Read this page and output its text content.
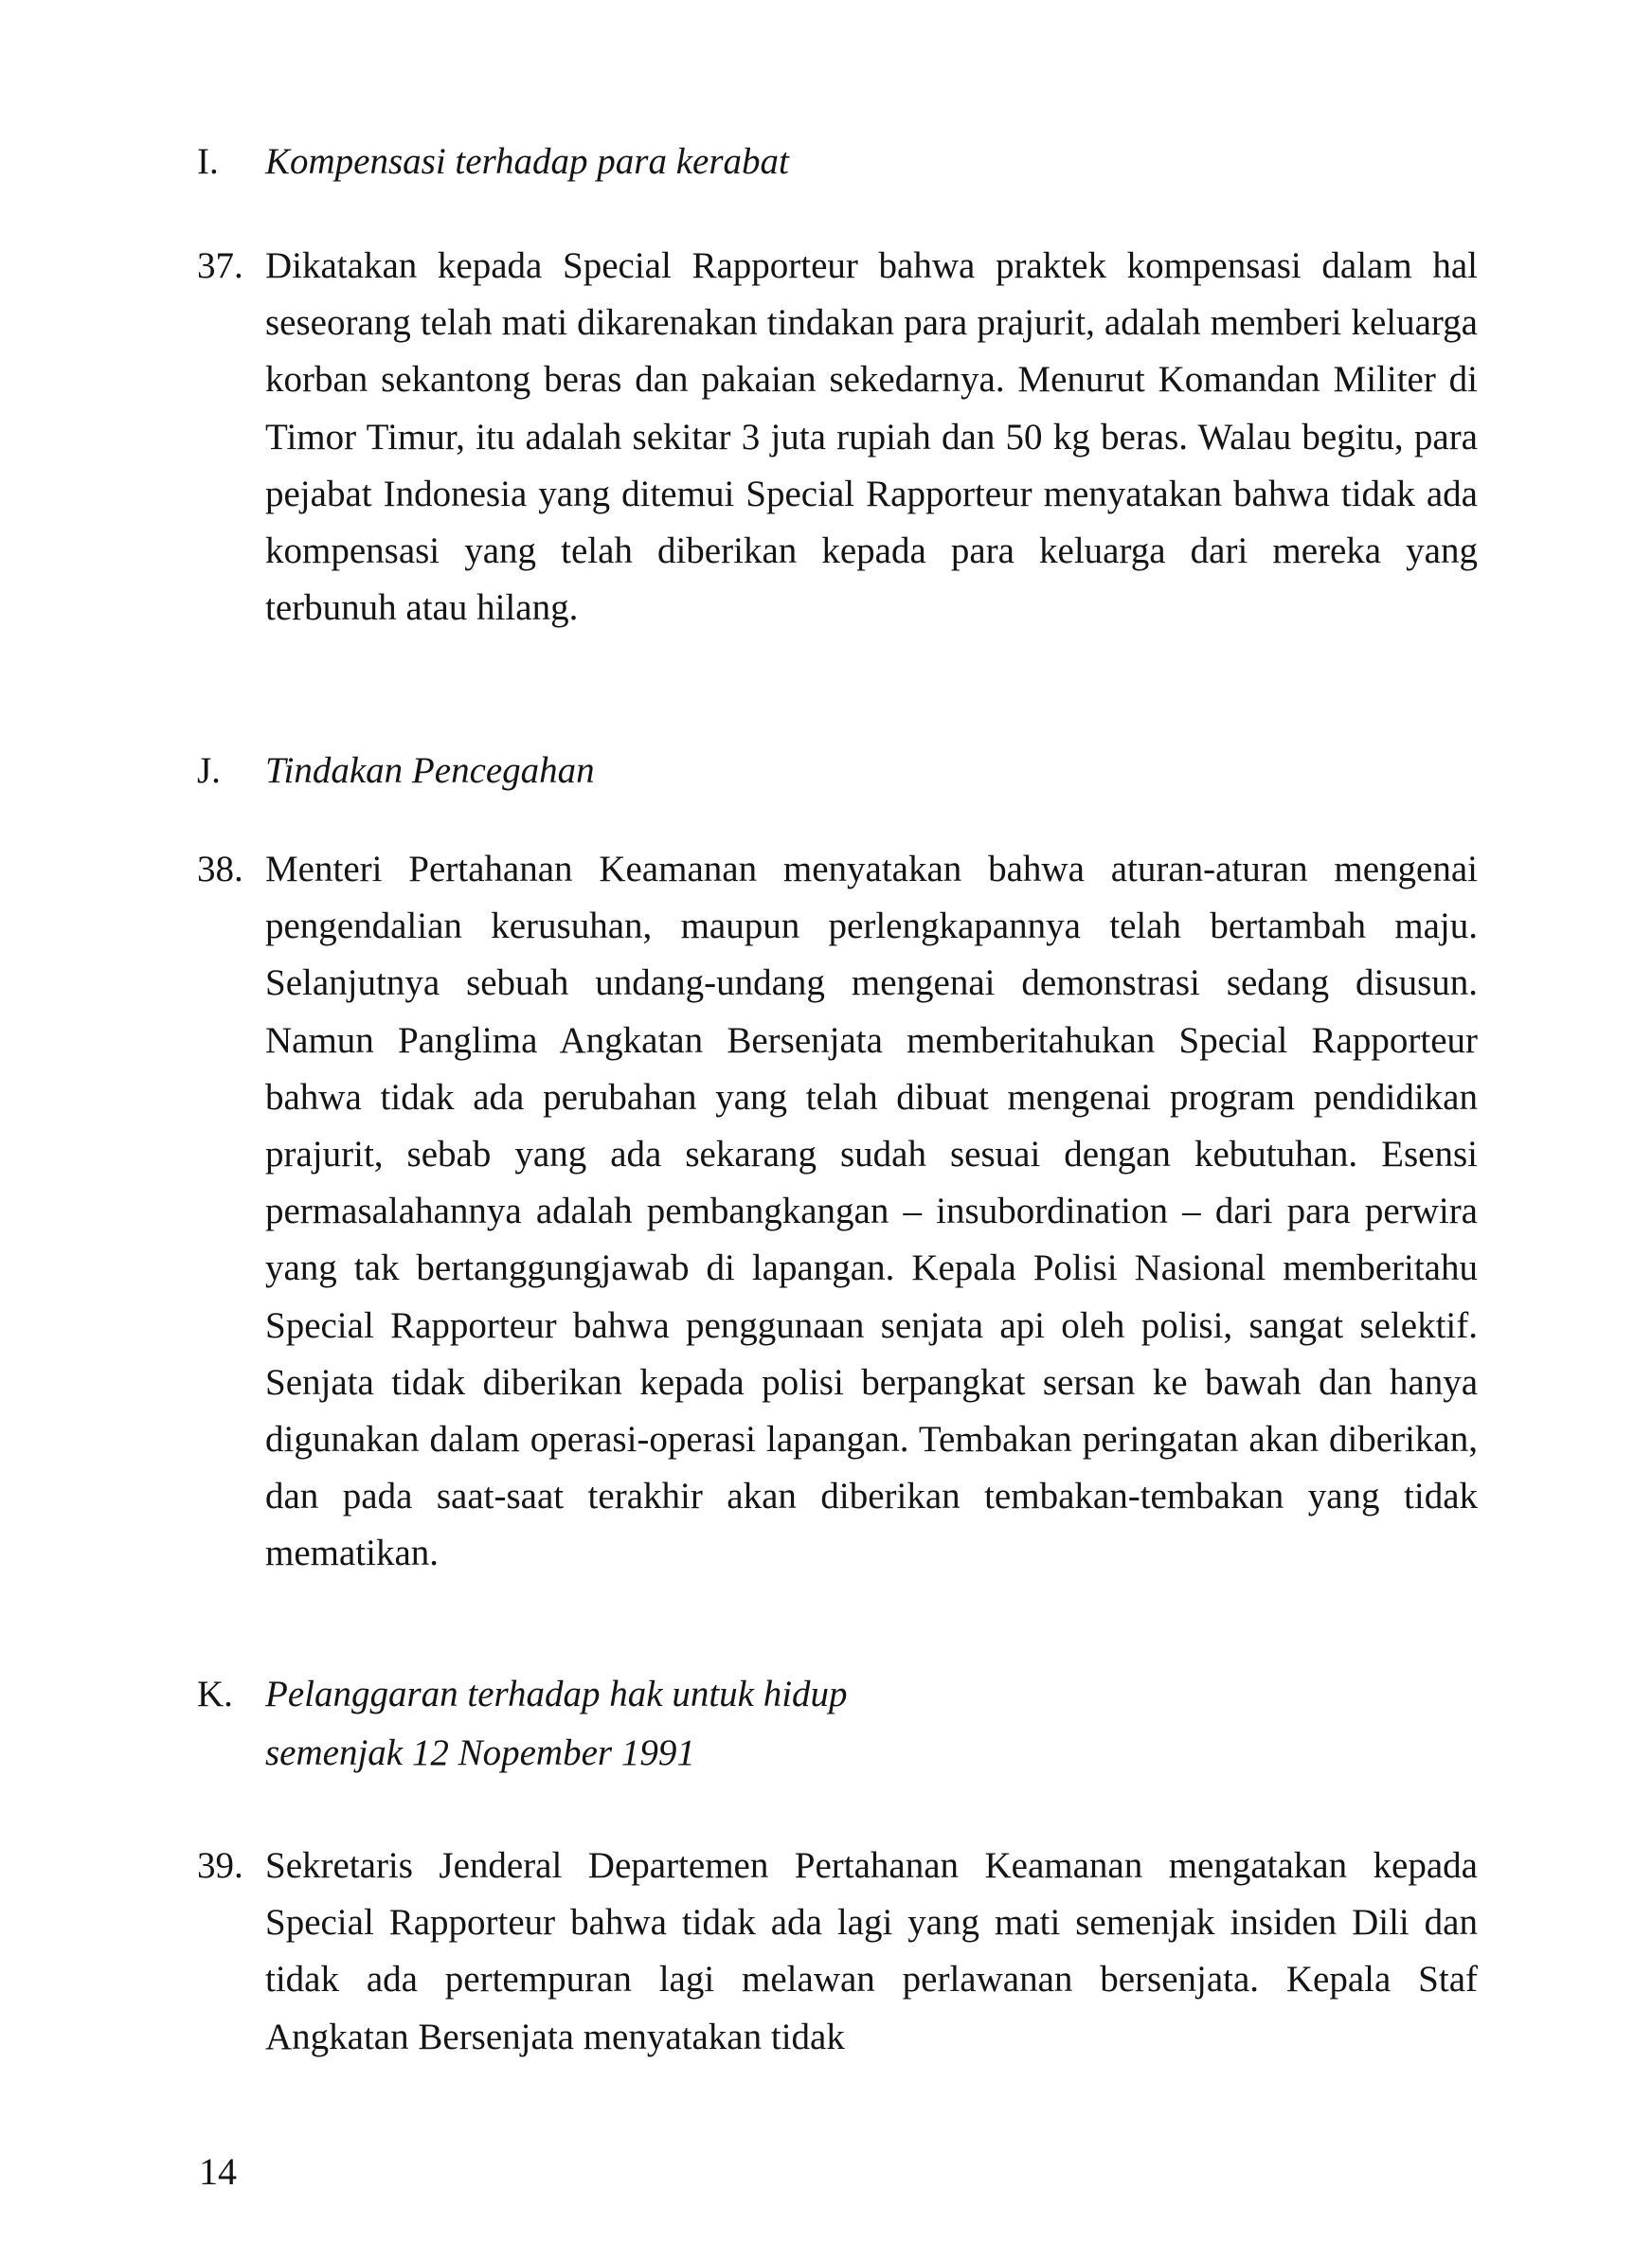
I. Kompensasi terhadap para kerabat
37. Dikatakan kepada Special Rapporteur bahwa praktek kompensasi dalam hal seseorang telah mati dikarenakan tindakan para prajurit, adalah memberi keluarga korban sekantong beras dan pakaian sekedarnya. Menurut Komandan Militer di Timor Timur, itu adalah sekitar 3 juta rupiah dan 50 kg beras. Walau begitu, para pejabat Indonesia yang ditemui Special Rapporteur menyatakan bahwa tidak ada kompensasi yang telah diberikan kepada para keluarga dari mereka yang terbunuh atau hilang.
J. Tindakan Pencegahan
38. Menteri Pertahanan Keamanan menyatakan bahwa aturan-aturan mengenai pengendalian kerusuhan, maupun perlengkapannya telah bertambah maju. Selanjutnya sebuah undang-undang mengenai demonstrasi sedang disusun. Namun Panglima Angkatan Bersenjata memberitahukan Special Rapporteur bahwa tidak ada perubahan yang telah dibuat mengenai program pendidikan prajurit, sebab yang ada sekarang sudah sesuai dengan kebutuhan. Esensi permasalahannya adalah pembangkangan – insubordination – dari para perwira yang tak bertanggungjawab di lapangan. Kepala Polisi Nasional memberitahu Special Rapporteur bahwa penggunaan senjata api oleh polisi, sangat selektif. Senjata tidak diberikan kepada polisi berpangkat sersan ke bawah dan hanya digunakan dalam operasi-operasi lapangan. Tembakan peringatan akan diberikan, dan pada saat-saat terakhir akan diberikan tembakan-tembakan yang tidak mematikan.
K. Pelanggaran terhadap hak untuk hidup
semenjak 12 Nopember 1991
39. Sekretaris Jenderal Departemen Pertahanan Keamanan mengatakan kepada Special Rapporteur bahwa tidak ada lagi yang mati semenjak insiden Dili dan tidak ada pertempuran lagi melawan perlawanan bersenjata. Kepala Staf Angkatan Bersenjata menyatakan tidak
14
